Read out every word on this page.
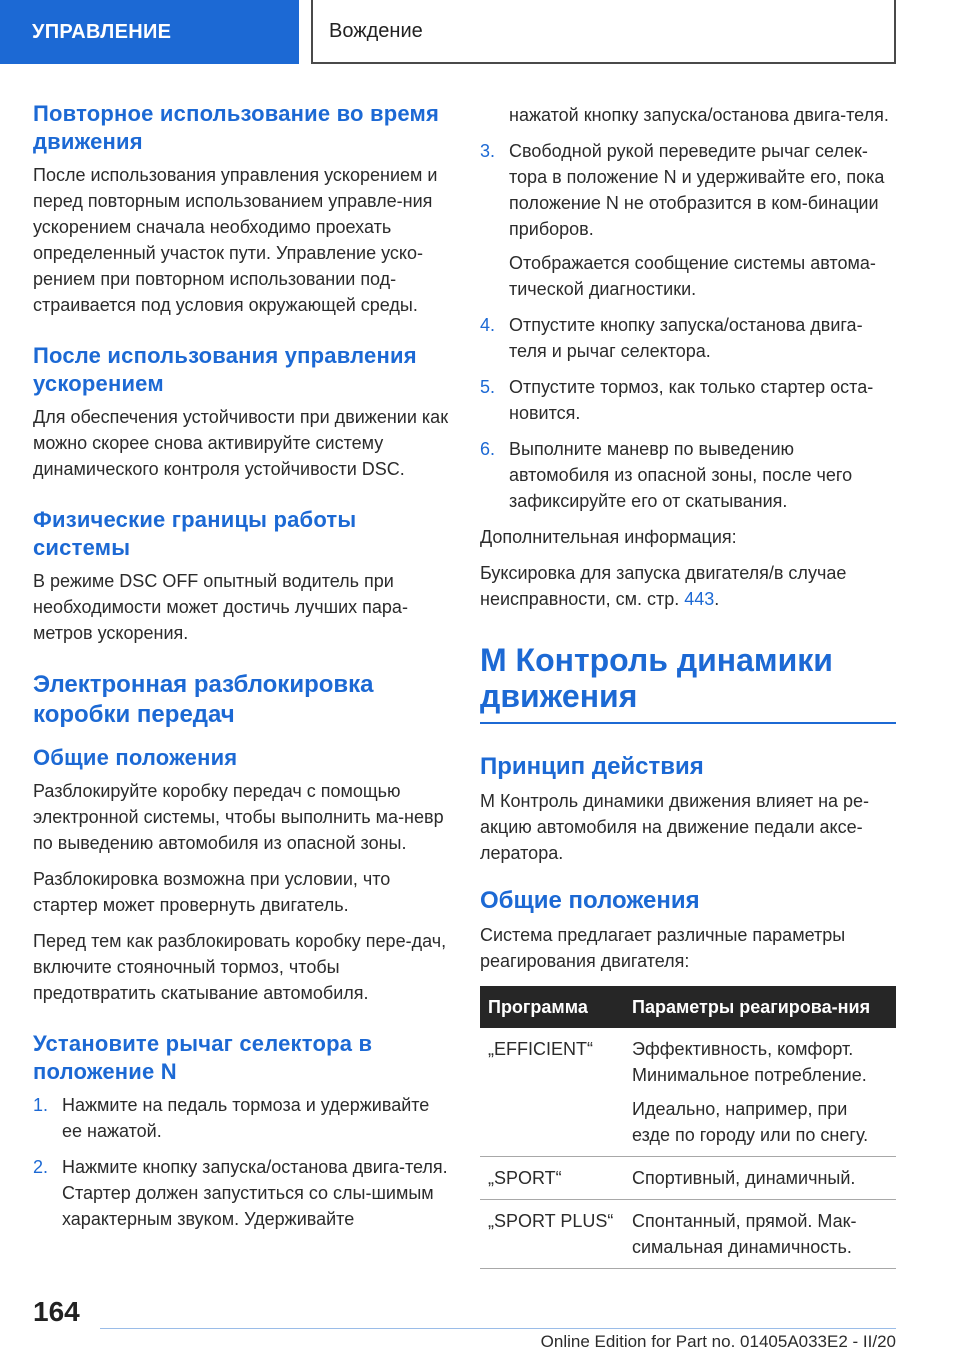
УПРАВЛЕНИЕ	Вождение
Повторное использование во время движения

После использования управления ускорением и перед повторным использованием управле-ния ускорением сначала необходимо проехать определенный участок пути. Управление уско-рением при повторном использовании под-страивается под условия окружающей среды.

После использования управления ускорением

Для обеспечения устойчивости при движении как можно скорее снова активируйте систему динамического контроля устойчивости DSC.

Физические границы работы системы

В режиме DSC OFF опытный водитель при необходимости может достичь лучших пара-метров ускорения.

Электронная разблокировка коробки передач
Общие положения

Разблокируйте коробку передач с помощью электронной системы, чтобы выполнить ма-невр по выведению автомобиля из опасной зоны.

Разблокировка возможна при условии, что стартер может провернуть двигатель.

Перед тем как разблокировать коробку пере-дач, включите стояночный тормоз, чтобы предотвратить скатывание автомобиля.

Установите рычаг селектора в положение N
1. Нажмите на педаль тормоза и удерживайте ее нажатой.
2. Нажмите кнопку запуска/останова двига-теля. Стартер должен запуститься со слы-шимым характерным звуком. Удерживайте

нажатой кнопку запуска/останова двига-теля.

3. Свободной рукой переведите рычаг селек-тора в положение N и удерживайте его, пока положение N не отобразится в ком-бинации приборов.

Отображается сообщение системы автома-тической диагностики.

4. Отпустите кнопку запуска/останова двига-теля и рычаг селектора.
5. Отпустите тормоз, как только стартер оста-новится.
6. Выполните маневр по выведению автомобиля из опасной зоны, после чего зафиксируйте его от скатывания.

Дополнительная информация:

Буксировка для запуска двигателя/в случае неисправности, см. стр. 443.

M Контроль динамики движения
Принцип действия

M Контроль динамики движения влияет на ре-акцию автомобиля на движение педали аксе-лератора.

Общие положения

Система предлагает различные параметры реагирования двигателя:

Программа	Параметры реагирова-ния
„EFFICIENT“	Эффективность, комфорт. Минимальное потребление.

Идеально, например, при езде по городу или по снегу.

„SPORT“	Спортивный, динамичный.
„SPORT PLUS“	Спонтанный, прямой. Мак-симальная динамичность.
164
Online Edition for Part no. 01405A033E2 - II/20
